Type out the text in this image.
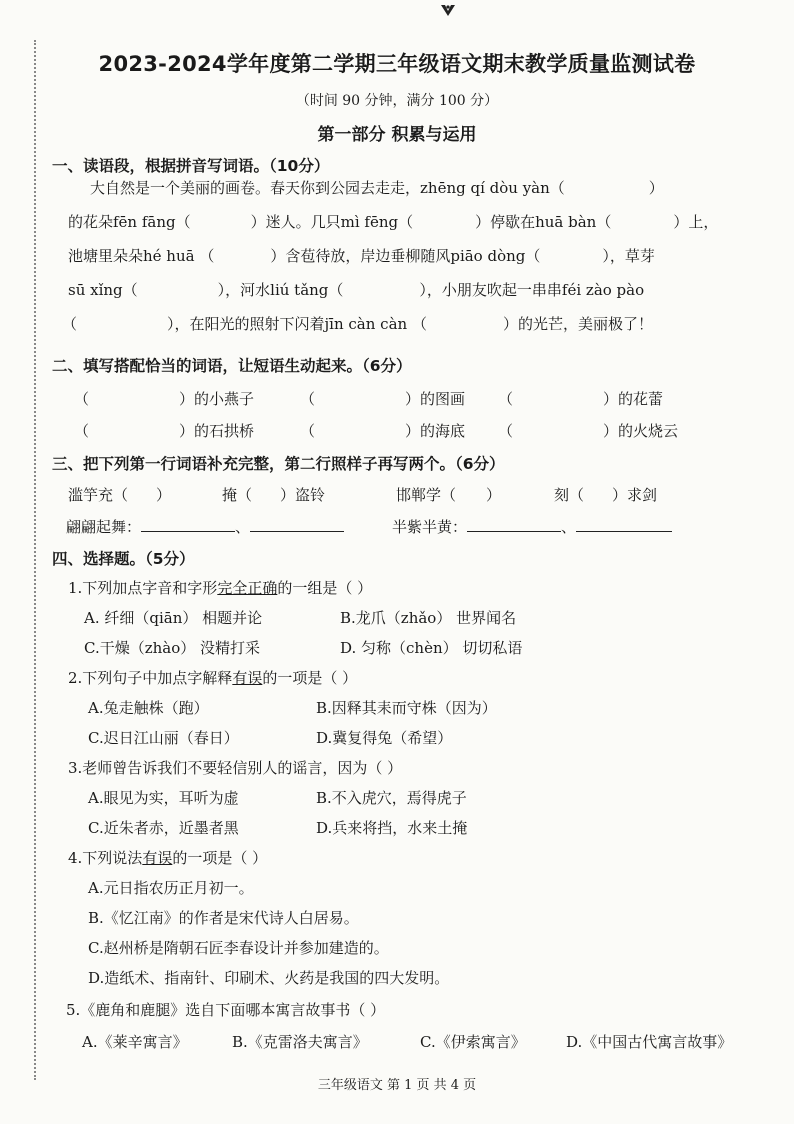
2023-2024学年度第二学期三年级语文期末教学质量监测试卷
（时间 90 分钟，满分 100 分）
第一部分 积累与运用
一、读语段，根据拼音写词语。（10分）
大自然是一个美丽的画卷。春天你到公园去走走，zhēng qí dòu yàn（	）
的花朵fēn fāng（	）迷人。几只mì fēng（	）停歇在huā bàn（	）上，
池塘里朵朵hé huā （	）含苞待放，岸边垂柳随风piāo dòng（	），草芽
sū xǐng（	），河水liú tǎng（	），小朋友吹起一串串féi zào pào
（	），在阳光的照射下闪着jīn càn càn （	）的光芒，美丽极了！
二、填写搭配恰当的词语，让短语生动起来。（6分）
（	）的小燕子	（	）的图画 （	）的花蕾
（	）的石拱桥	（	）的海底 （	）的火烧云
三、把下列第一行词语补充完整，第二行照样子再写两个。（6分）
滥竽充（ ）	掩（ ）盗铃	邯郸学（ ）	刻（ ）求剑
翩翩起舞：	、	半紫半黄：	、
四、选择题。（5分）
1.下列加点字音和字形完全正确的一组是（ ）
A. 纤细（qiān） 相题并论	B.龙爪（zhǎo） 世界闻名
C.干燥（zhào） 没精打采	D. 匀称（chèn） 切切私语
2.下列句子中加点字解释有误的一项是（ ）
A.兔走触株（跑）	B.因释其耒而守株（因为）
C.迟日江山丽（春日）	D.冀复得兔（希望）
3.老师曾告诉我们不要轻信别人的谣言，因为（ ）
A.眼见为实，耳听为虚	B.不入虎穴，焉得虎子
C.近朱者赤，近墨者黑	D.兵来将挡，水来土掩
4.下列说法有误的一项是（ ）
A.元日指农历正月初一。
B.《忆江南》的作者是宋代诗人白居易。
C.赵州桥是隋朝石匠李春设计并参加建造的。
D.造纸术、指南针、印刷术、火药是我国的四大发明。
5.《鹿角和鹿腿》选自下面哪本寓言故事书（ ）
A.《莱辛寓言》	B.《克雷洛夫寓言》	C.《伊索寓言》	D.《中国古代寓言故事》
三年级语文 第 1 页 共 4 页
